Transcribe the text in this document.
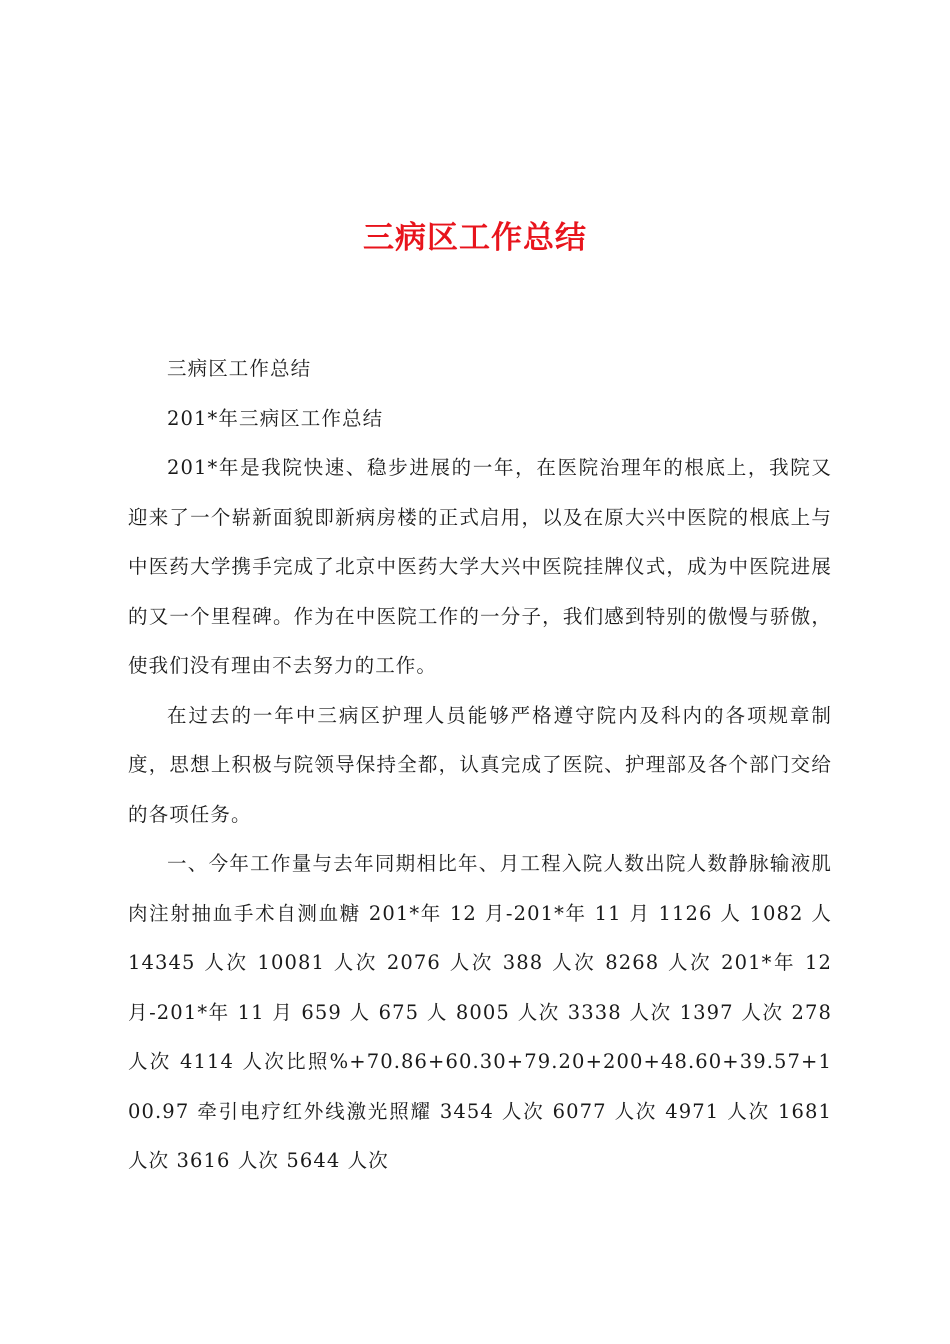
三病区工作总结

三病区工作总结

201*年三病区工作总结

201*年是我院快速、稳步进展的一年，在医院治理年的根底上，我院又迎来了一个崭新面貌即新病房楼的正式启用，以及在原大兴中医院的根底上与中医药大学携手完成了北京中医药大学大兴中医院挂牌仪式，成为中医院进展的又一个里程碑。作为在中医院工作的一分子，我们感到特别的傲慢与骄傲，使我们没有理由不去努力的工作。

在过去的一年中三病区护理人员能够严格遵守院内及科内的各项规章制度，思想上积极与院领导保持全都，认真完成了医院、护理部及各个部门交给的各项任务。

一、今年工作量与去年同期相比年、月工程入院人数出院人数静脉输液肌肉注射抽血手术自测血糖 201*年 12 月-201*年 11 月 1126 人 1082 人 14345 人次 10081 人次 2076 人次 388 人次 8268 人次 201*年 12 月-201*年 11 月 659 人 675 人 8005 人次 3338 人次 1397 人次 278 人次 4114 人次比照%+70.86+60.30+79.20+200+48.60+39.57+100.97 牵引电疗红外线激光照耀 3454 人次 6077 人次 4971 人次 1681 人次 3616 人次 5644 人次
